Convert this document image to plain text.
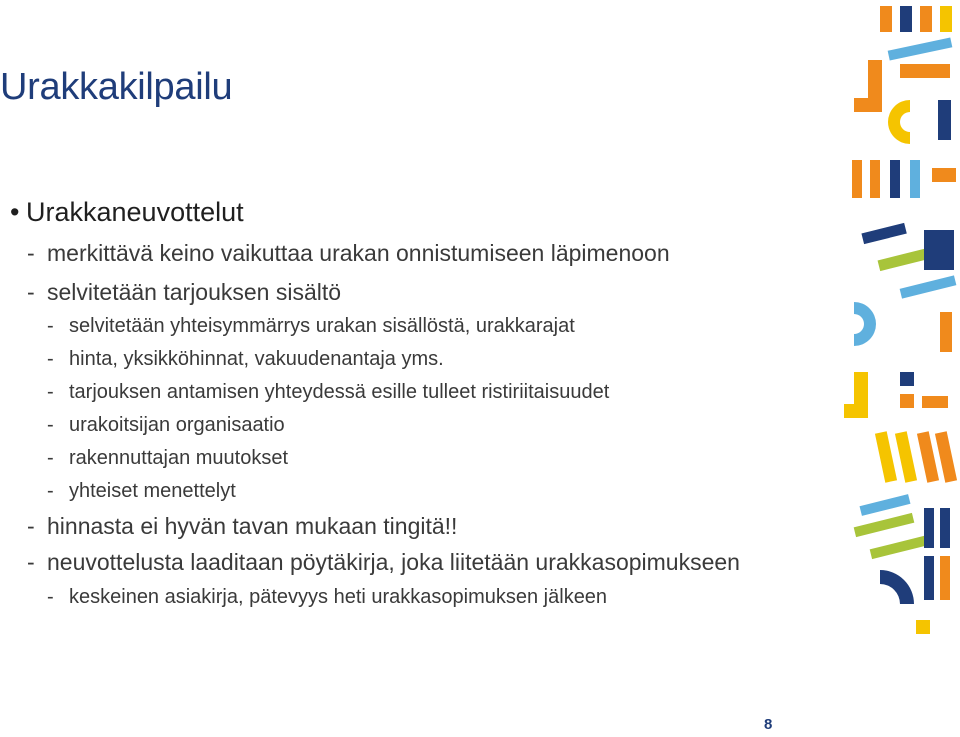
Urakkakilpailu
• Urakkaneuvottelut
- merkittävä keino vaikuttaa urakan onnistumiseen läpimenoon
- selvitetään tarjouksen sisältö
- selvitetään yhteisymmärrys urakan sisällöstä, urakkarajat
- hinta, yksikköhinnat, vakuudenantaja yms.
- tarjouksen antamisen yhteydessä esille tulleet ristiriitaisuudet
- urakoitsijan organisaatio
- rakennuttajan muutokset
- yhteiset menettelyt
- hinnasta ei hyvän tavan mukaan tingitä!!
- neuvottelusta laaditaan pöytäkirja, joka liitetään urakkasopimukseen
- keskeinen asiakirja, pätevyys heti urakkasopimuksen jälkeen
8
